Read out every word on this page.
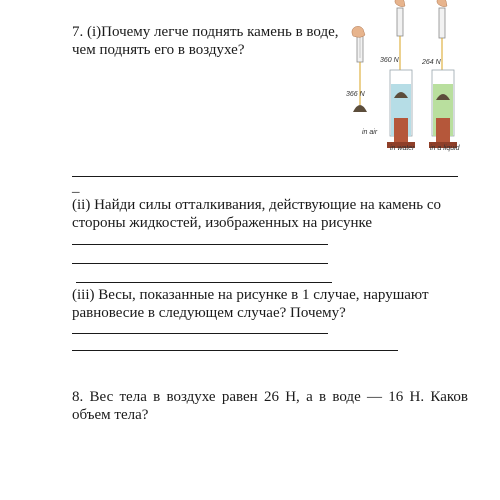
7. (i)Почему легче поднять камень в воде,
чем поднять его в воздухе?
366 N
360 N	264 N
in air
in water in a liquid
_
(ii) Найди силы отталкивания, действующие на камень со
стороны жидкостей, изображенных на рисунке
(iii) Весы, показанные на рисунке в 1 случае, нарушают
равновесие в следующем случае? Почему?
8. Вес тела в воздухе равен 26 Н, а в воде — 16 Н. Каков
объем тела?
